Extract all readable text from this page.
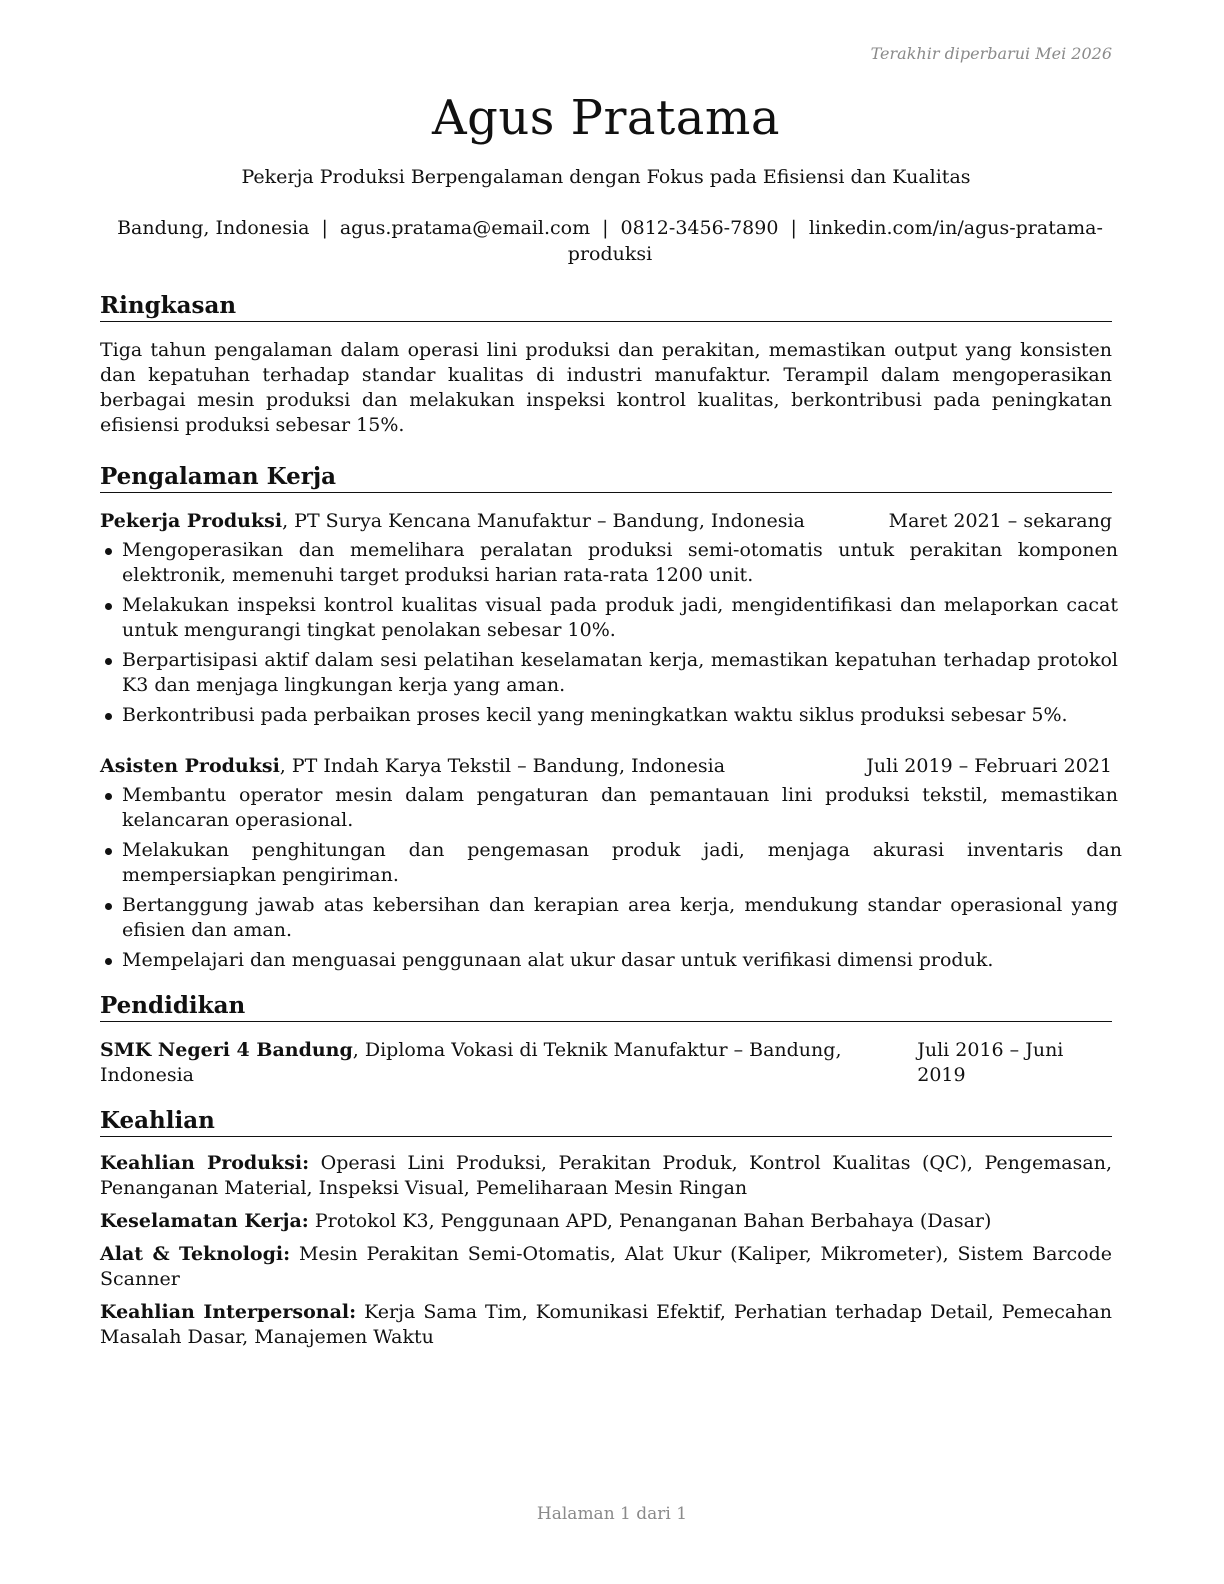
Terakhir diperbarui Mei 2026
Agus Pratama
Pekerja Produksi Berpengalaman dengan Fokus pada Efisiensi dan Kualitas
Bandung, Indonesia | agus.pratama@email.com | 0812-3456-7890 | linkedin.com/in/agus-pratama-produksi
Ringkasan
Tiga tahun pengalaman dalam operasi lini produksi dan perakitan, memastikan output yang konsisten dan kepatuhan terhadap standar kualitas di industri manufaktur. Terampil dalam mengoperasikan berbagai mesin produksi dan melakukan inspeksi kontrol kualitas, berkontribusi pada peningkatan efisiensi produksi sebesar 15%.
Pengalaman Kerja
Pekerja Produksi, PT Surya Kencana Manufaktur – Bandung, Indonesia	Maret 2021 – sekarang
Mengoperasikan dan memelihara peralatan produksi semi-otomatis untuk perakitan komponen elektronik, memenuhi target produksi harian rata-rata 1200 unit.
Melakukan inspeksi kontrol kualitas visual pada produk jadi, mengidentifikasi dan melaporkan cacat untuk mengurangi tingkat penolakan sebesar 10%.
Berpartisipasi aktif dalam sesi pelatihan keselamatan kerja, memastikan kepatuhan terhadap protokol K3 dan menjaga lingkungan kerja yang aman.
Berkontribusi pada perbaikan proses kecil yang meningkatkan waktu siklus produksi sebesar 5%.
Asisten Produksi, PT Indah Karya Tekstil – Bandung, Indonesia	Juli 2019 – Februari 2021
Membantu operator mesin dalam pengaturan dan pemantauan lini produksi tekstil, memastikan kelancaran operasional.
Melakukan penghitungan dan pengemasan produk jadi, menjaga akurasi inventaris dan mempersiapkan pengiriman.
Bertanggung jawab atas kebersihan dan kerapian area kerja, mendukung standar operasional yang efisien dan aman.
Mempelajari dan menguasai penggunaan alat ukur dasar untuk verifikasi dimensi produk.
Pendidikan
SMK Negeri 4 Bandung, Diploma Vokasi di Teknik Manufaktur – Bandung, Indonesia
Juli 2016 – Juni 2019
Keahlian
Keahlian Produksi: Operasi Lini Produksi, Perakitan Produk, Kontrol Kualitas (QC), Pengemasan, Penanganan Material, Inspeksi Visual, Pemeliharaan Mesin Ringan
Keselamatan Kerja: Protokol K3, Penggunaan APD, Penanganan Bahan Berbahaya (Dasar)
Alat & Teknologi: Mesin Perakitan Semi-Otomatis, Alat Ukur (Kaliper, Mikrometer), Sistem Barcode Scanner
Keahlian Interpersonal: Kerja Sama Tim, Komunikasi Efektif, Perhatian terhadap Detail, Pemecahan Masalah Dasar, Manajemen Waktu
Halaman 1 dari 1
